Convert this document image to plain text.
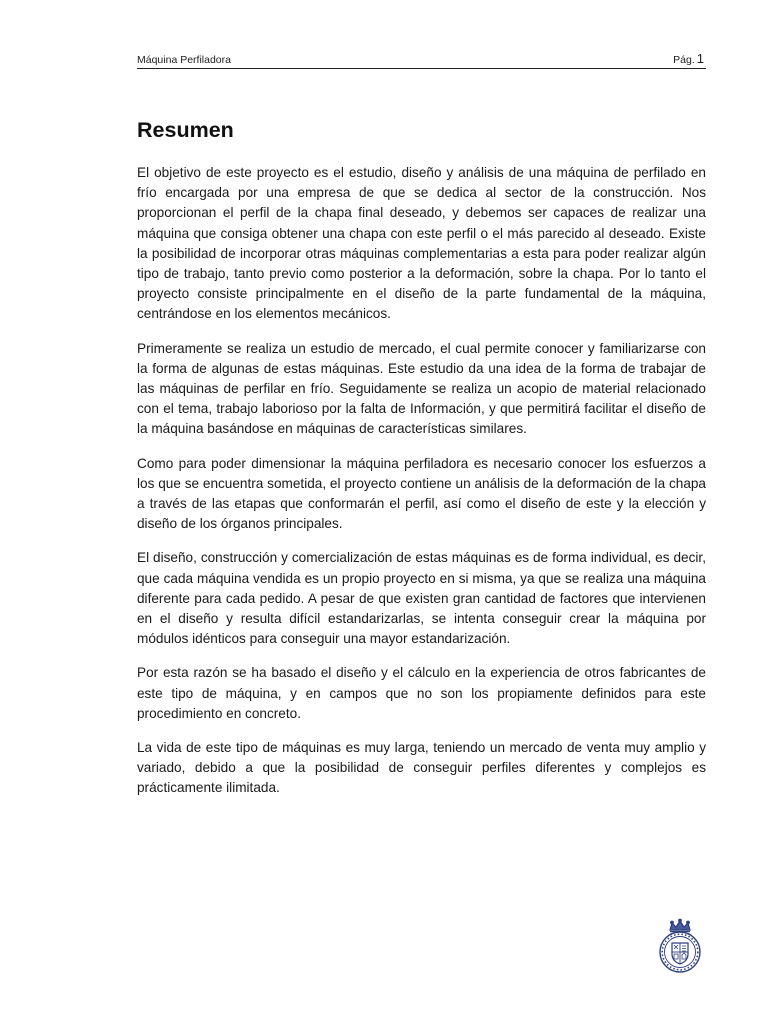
Máquina Perfiladora	Pág. 1
Resumen

El objetivo de este proyecto es el estudio, diseño y análisis de una máquina de perfilado en frío encargada por una empresa de que se dedica al sector de la construcción. Nos proporcionan el perfil de la chapa final deseado, y debemos ser capaces de realizar una máquina que consiga obtener una chapa con este perfil o el más parecido al deseado. Existe la posibilidad de incorporar otras máquinas complementarias a esta para poder realizar algún tipo de trabajo, tanto previo como posterior a la deformación, sobre la chapa. Por lo tanto el proyecto consiste principalmente en el diseño de la parte fundamental de la máquina, centrándose en los elementos mecánicos.

Primeramente se realiza un estudio de mercado, el cual permite conocer y familiarizarse con la forma de algunas de estas máquinas. Este estudio da una idea de la forma de trabajar de las máquinas de perfilar en frío. Seguidamente se realiza un acopio de material relacionado con el tema, trabajo laborioso por la falta de Información, y que permitirá facilitar el diseño de la máquina basándose en máquinas de características similares.

Como para poder dimensionar la máquina perfiladora es necesario conocer los esfuerzos a los que se encuentra sometida, el proyecto contiene un análisis de la deformación de la chapa a través de las etapas que conformarán el perfil, así como el diseño de este y la elección y diseño de los órganos principales.

El diseño, construcción y comercialización de estas máquinas es de forma individual, es decir, que cada máquina vendida es un propio proyecto en si misma, ya que se realiza una máquina diferente para cada pedido. A pesar de que existen gran cantidad de factores que intervienen en el diseño y resulta difícil estandarizarlas, se intenta conseguir crear la máquina por módulos idénticos para conseguir una mayor estandarización.

Por esta razón se ha basado el diseño y el cálculo en la experiencia de otros fabricantes de este tipo de máquina, y en campos que no son los propiamente definidos para este procedimiento en concreto.

La vida de este tipo de máquinas es muy larga, teniendo un mercado de venta muy amplio y variado, debido a que la posibilidad de conseguir perfiles diferentes y complejos es prácticamente ilimitada.
